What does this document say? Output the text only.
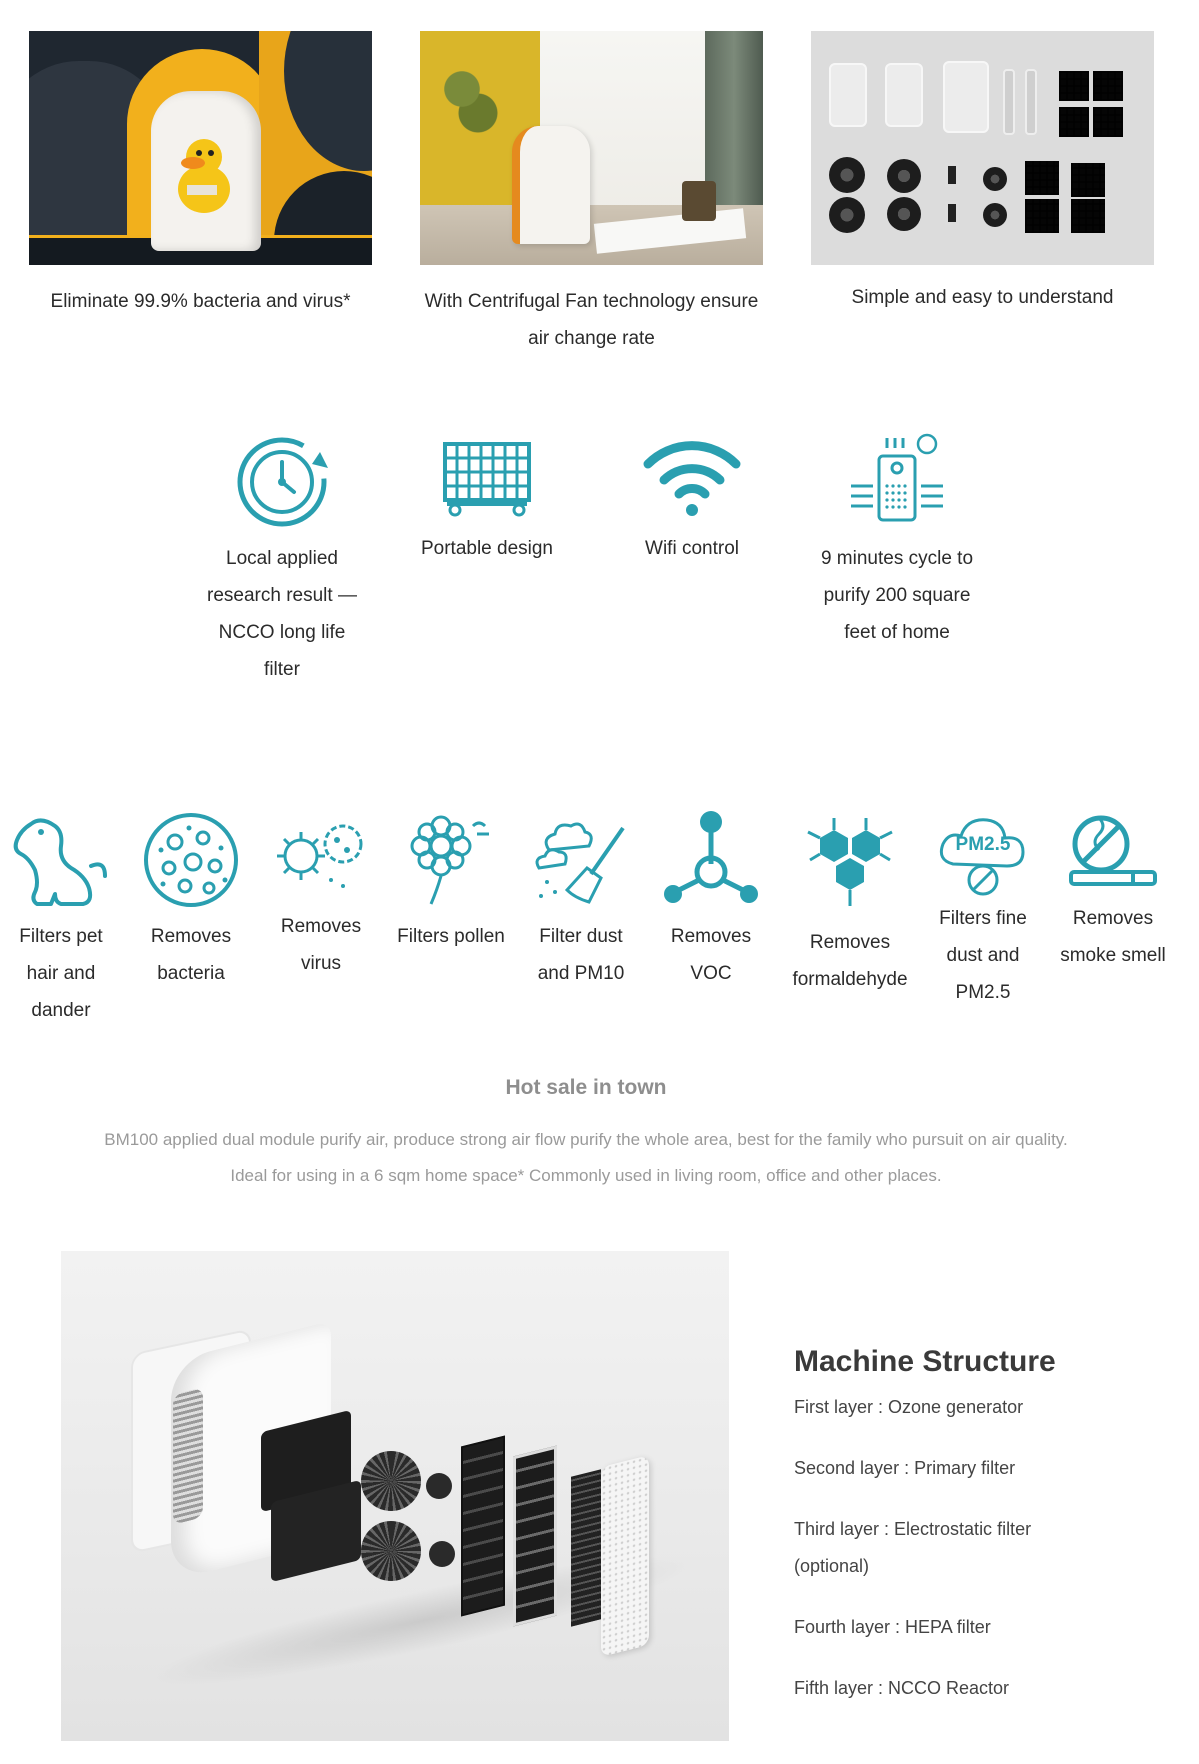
Eliminate 99.9% bacteria and virus*	With Centrifugal Fan technology ensure air change rate
Simple and easy to understand
Local applied research result — NCCO long life filter
Portable design	Wifi control	9 minutes cycle to purify 200 square feet of home
Filters pet hair and dander
Removes bacteria
Removes virus
Filters pollen	Filter dust and PM10
Removes VOC
Removes formaldehyde
PM2.5
Filters fine dust and PM2.5
Removes smoke smell
Hot sale in town
BM100 applied dual module purify air, produce strong air flow purify the whole area, best for the family who pursuit on air quality.
Ideal for using in a 6 sqm home space* Commonly used in living room, office and other places.
Machine Structure
First layer : Ozone generator
Second layer : Primary filter
Third layer : Electrostatic filter (optional)
Fourth layer : HEPA filter
Fifth layer : NCCO Reactor
